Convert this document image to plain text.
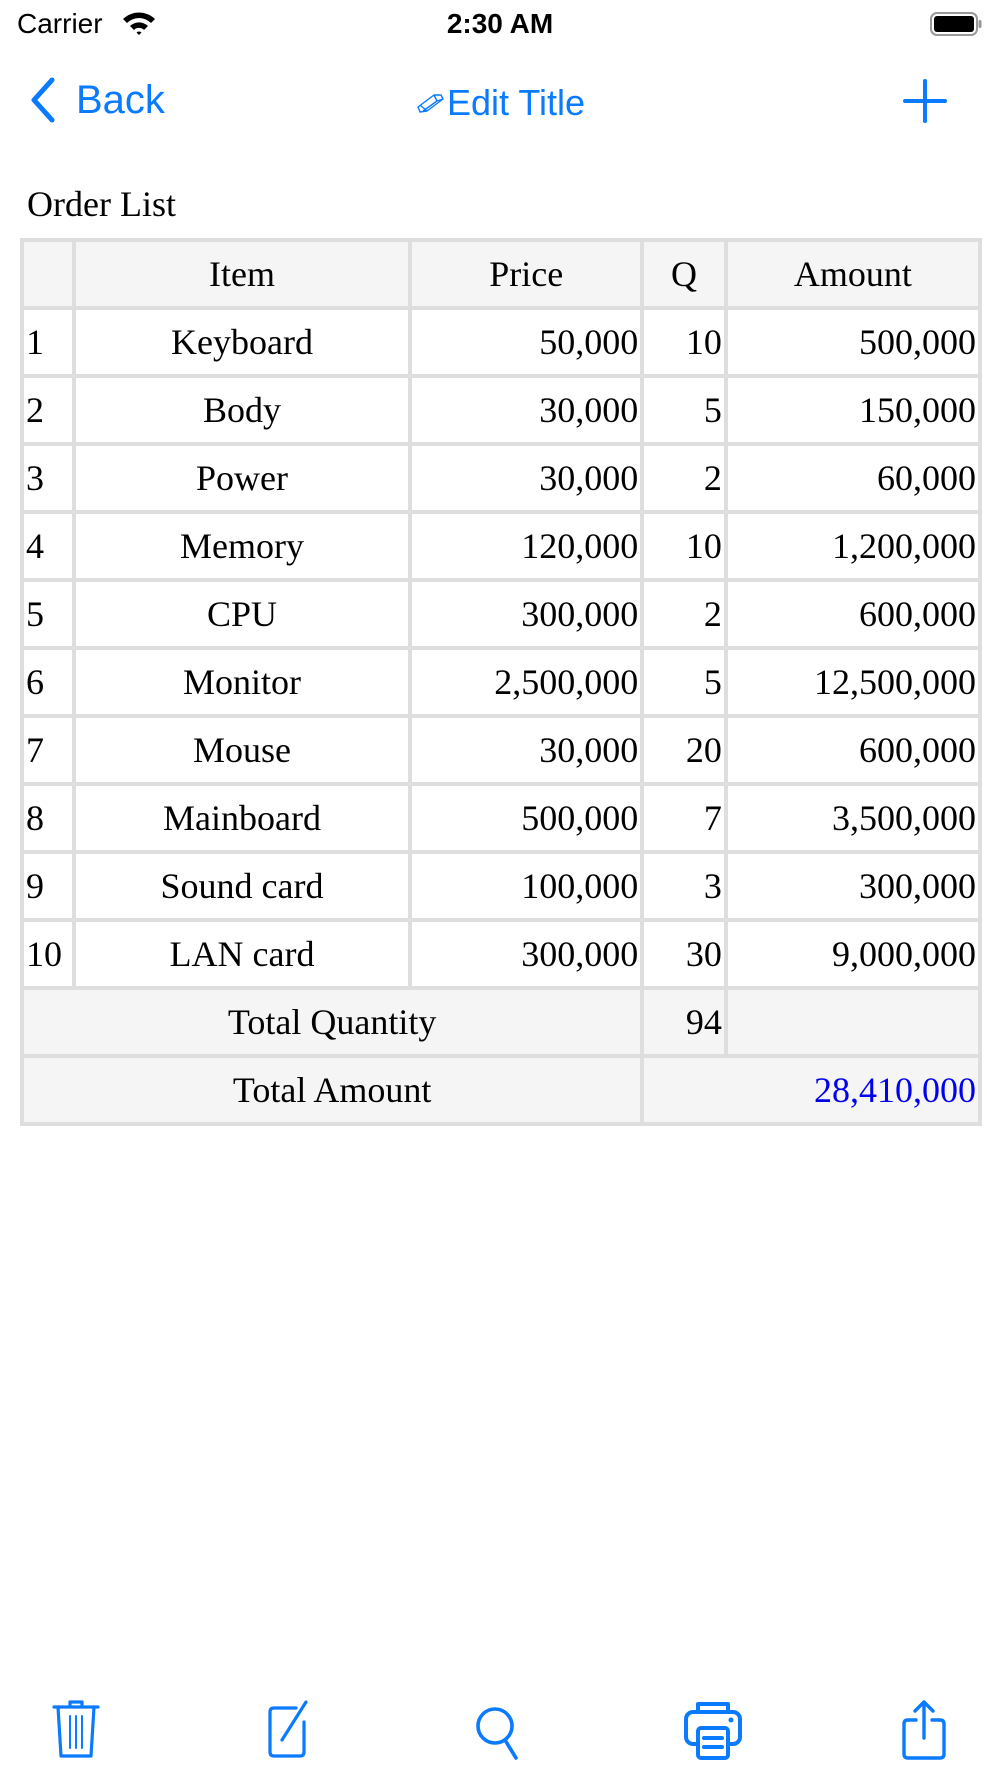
Carrier	2:30 AM
Back	Edit Title
Order List
	Item	Price	Q	Amount
1	Keyboard	50,000	10	500,000
2	Body	30,000	5	150,000
3	Power	30,000	2	60,000
4	Memory	120,000	10	1,200,000
5	CPU	300,000	2	600,000
6	Monitor	2,500,000	5	12,500,000
7	Mouse	30,000	20	600,000
8	Mainboard	500,000	7	3,500,000
9	Sound card	100,000	3	300,000
10	LAN card	300,000	30	9,000,000
Total Quantity			94	
Total Amount			28,410,000	
